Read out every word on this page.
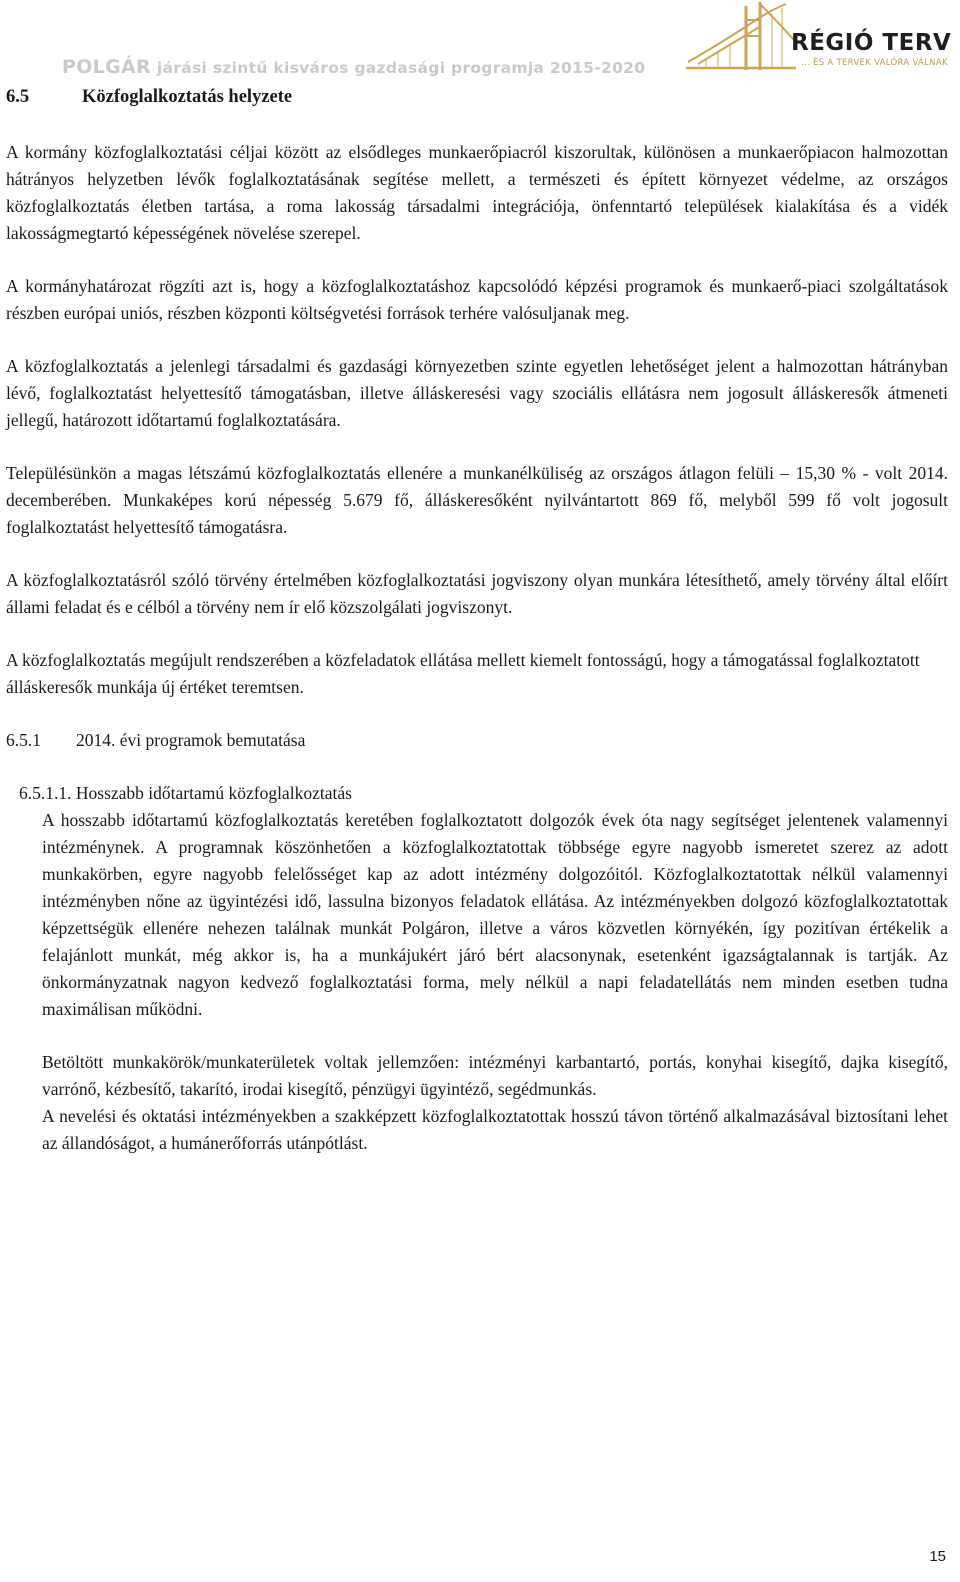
POLGÁR járási szintű kisváros gazdasági programja 2015-2020
RÉGIÓ TERV
... ÉS A TERVEK VALÓRA VÁLNAK
6.5	Közfoglalkoztatás helyzete

A kormány közfoglalkoztatási céljai között az elsődleges munkaerőpiacról kiszorultak, különösen a munkaerőpiacon halmozottan hátrányos helyzetben lévők foglalkoztatásának segítése mellett, a természeti és épített környezet védelme, az országos közfoglalkoztatás életben tartása, a roma lakosság társadalmi integrációja, önfenntartó települések kialakítása és a vidék lakosságmegtartó képességének növelése szerepel.

A kormányhatározat rögzíti azt is, hogy a közfoglalkoztatáshoz kapcsolódó képzési programok és munkaerő-piaci szolgáltatások részben európai uniós, részben központi költségvetési források terhére valósuljanak meg.

A közfoglalkoztatás a jelenlegi társadalmi és gazdasági környezetben szinte egyetlen lehetőséget jelent a halmozottan hátrányban lévő, foglalkoztatást helyettesítő támogatásban, illetve álláskeresési vagy szociális ellátásra nem jogosult álláskeresők átmeneti jellegű, határozott időtartamú foglalkoztatására.

Településünkön a magas létszámú közfoglalkoztatás ellenére a munkanélküliség az országos átlagon felüli – 15,30 % - volt 2014. decemberében. Munkaképes korú népesség 5.679 fő, álláskeresőként nyilvántartott 869 fő, melyből 599 fő volt jogosult foglalkoztatást helyettesítő támogatásra.

A közfoglalkoztatásról szóló törvény értelmében közfoglalkoztatási jogviszony olyan munkára létesíthető, amely törvény által előírt állami feladat és e célból a törvény nem ír elő közszolgálati jogviszonyt.

A közfoglalkoztatás megújult rendszerében a közfeladatok ellátása mellett kiemelt fontosságú, hogy a támogatással foglalkoztatott álláskeresők munkája új értéket teremtsen.

6.5.1	2014. évi programok bemutatása
6.5.1.1. Hosszabb időtartamú közfoglalkoztatás

A hosszabb időtartamú közfoglalkoztatás keretében foglalkoztatott dolgozók évek óta nagy segítséget jelentenek valamennyi intézménynek. A programnak köszönhetően a közfoglalkoztatottak többsége egyre nagyobb ismeretet szerez az adott munkakörben, egyre nagyobb felelősséget kap az adott intézmény dolgozóitól. Közfoglalkoztatottak nélkül valamennyi intézményben nőne az ügyintézési idő, lassulna bizonyos feladatok ellátása. Az intézményekben dolgozó közfoglalkoztatottak képzettségük ellenére nehezen találnak munkát Polgáron, illetve a város közvetlen környékén, így pozitívan értékelik a felajánlott munkát, még akkor is, ha a munkájukért járó bért alacsonynak, esetenként igazságtalannak is tartják. Az önkormányzatnak nagyon kedvező foglalkoztatási forma, mely nélkül a napi feladatellátás nem minden esetben tudna maximálisan működni.

Betöltött munkakörök/munkaterületek voltak jellemzően: intézményi karbantartó, portás, konyhai kisegítő, dajka kisegítő, varrónő, kézbesítő, takarító, irodai kisegítő, pénzügyi ügyintéző, segédmunkás.

A nevelési és oktatási intézményekben a szakképzett közfoglalkoztatottak hosszú távon történő alkalmazásával biztosítani lehet az állandóságot, a humánerőforrás utánpótlást.

15
